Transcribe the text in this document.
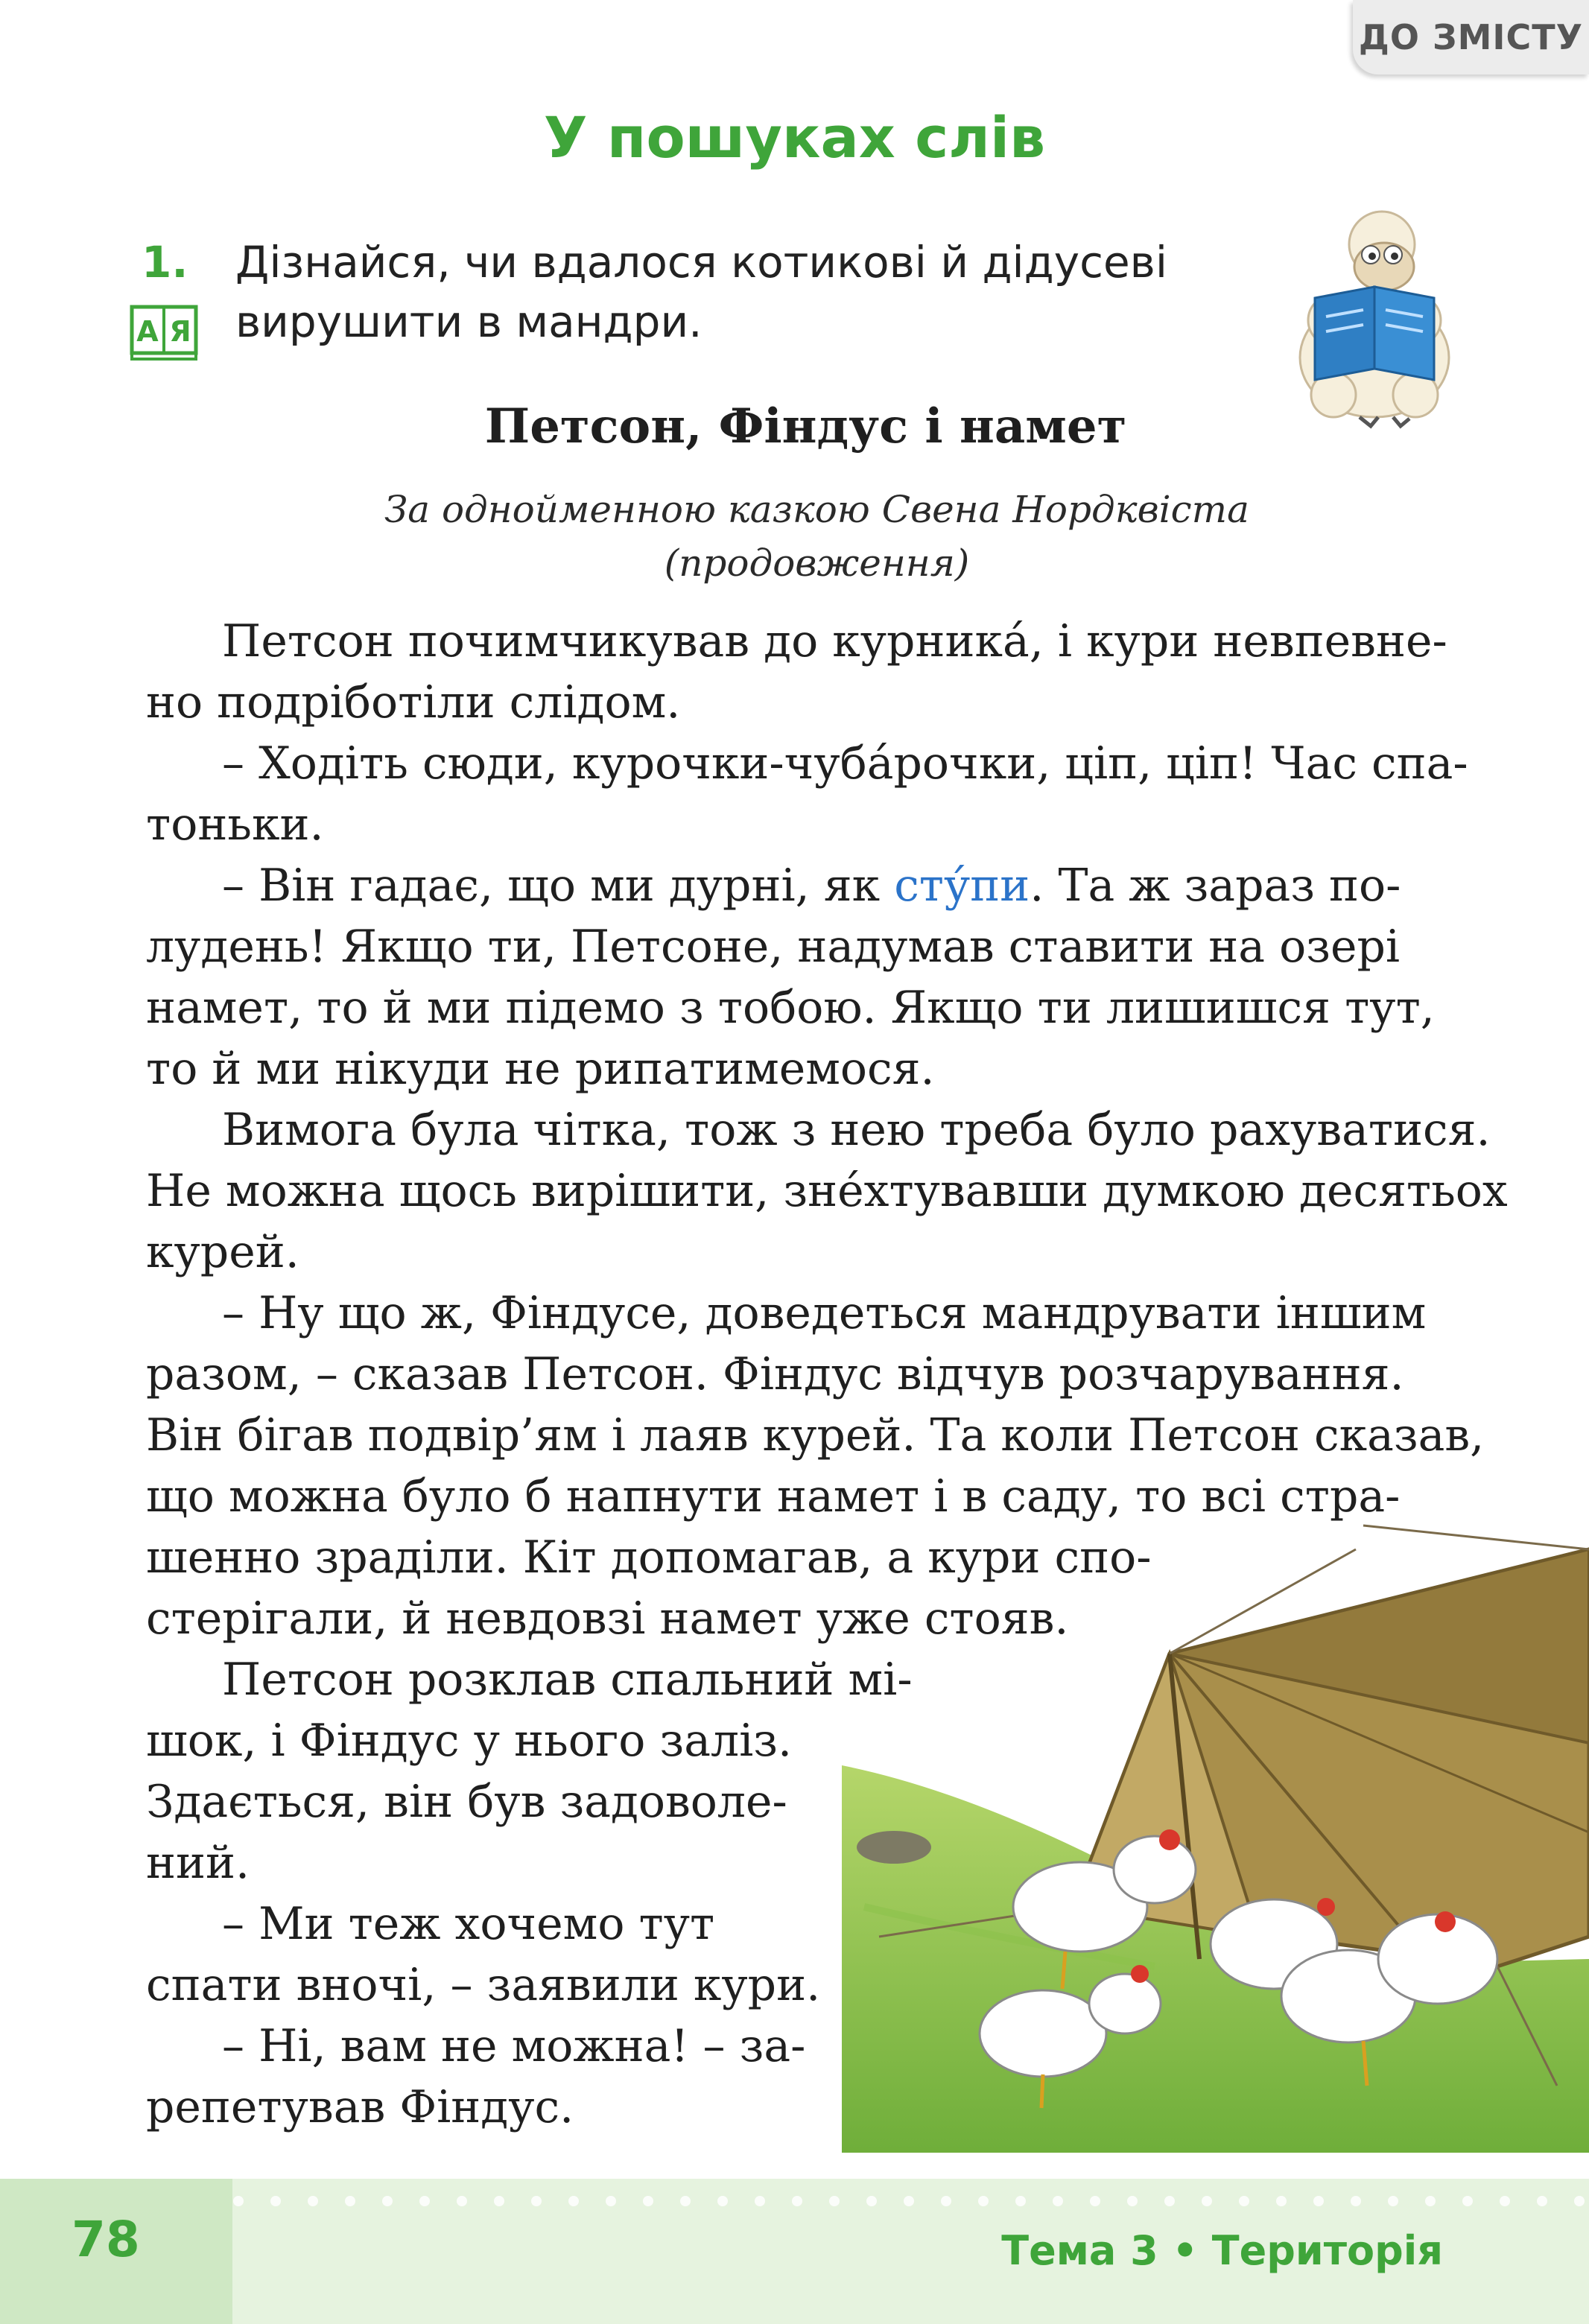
ДО ЗМІСТУ
У пошуках слів
1.
А Я
Дізнайся, чи вдалося котикові й дідусеві
вирушити в мандри.
Петсон, Фіндус і намет
За однойменною казкою Свена Нордквіста
(продовження)
Петсон почимчикував до курника́, і кури невпевне-
но подріботіли слідом.
– Ходіть сюди, курочки-чуба́рочки, ціп, ціп! Час спа-
тоньки.
– Він гадає, що ми дурні, як сту́пи. Та ж зараз по-
лудень! Якщо ти, Петсоне, надумав ставити на озері
намет, то й ми підемо з тобою. Якщо ти лишишся тут,
то й ми нікуди не рипатимемося.
Вимога була чітка, тож з нею треба було рахуватися.
Не можна щось вирішити, зне́хтувавши думкою десятьох
курей.
– Ну що ж, Фіндусе, доведеться мандрувати іншим
разом, – сказав Петсон. Фіндус відчув розчарування.
Він бігав подвір’ям і лаяв курей. Та коли Петсон сказав,
що можна було б напнути намет і в саду, то всі стра-
шенно зраділи. Кіт допомагав, а кури спо-
стерігали, й невдовзі намет уже стояв.
Петсон розклав спальний мі-
шок, і Фіндус у нього заліз.
Здається, він був задоволе-
ний.
– Ми теж хочемо тут
спати вночі, – заявили кури.
– Ні, вам не можна! – за-
репетував Фіндус.
78	Тема 3 • Територія
